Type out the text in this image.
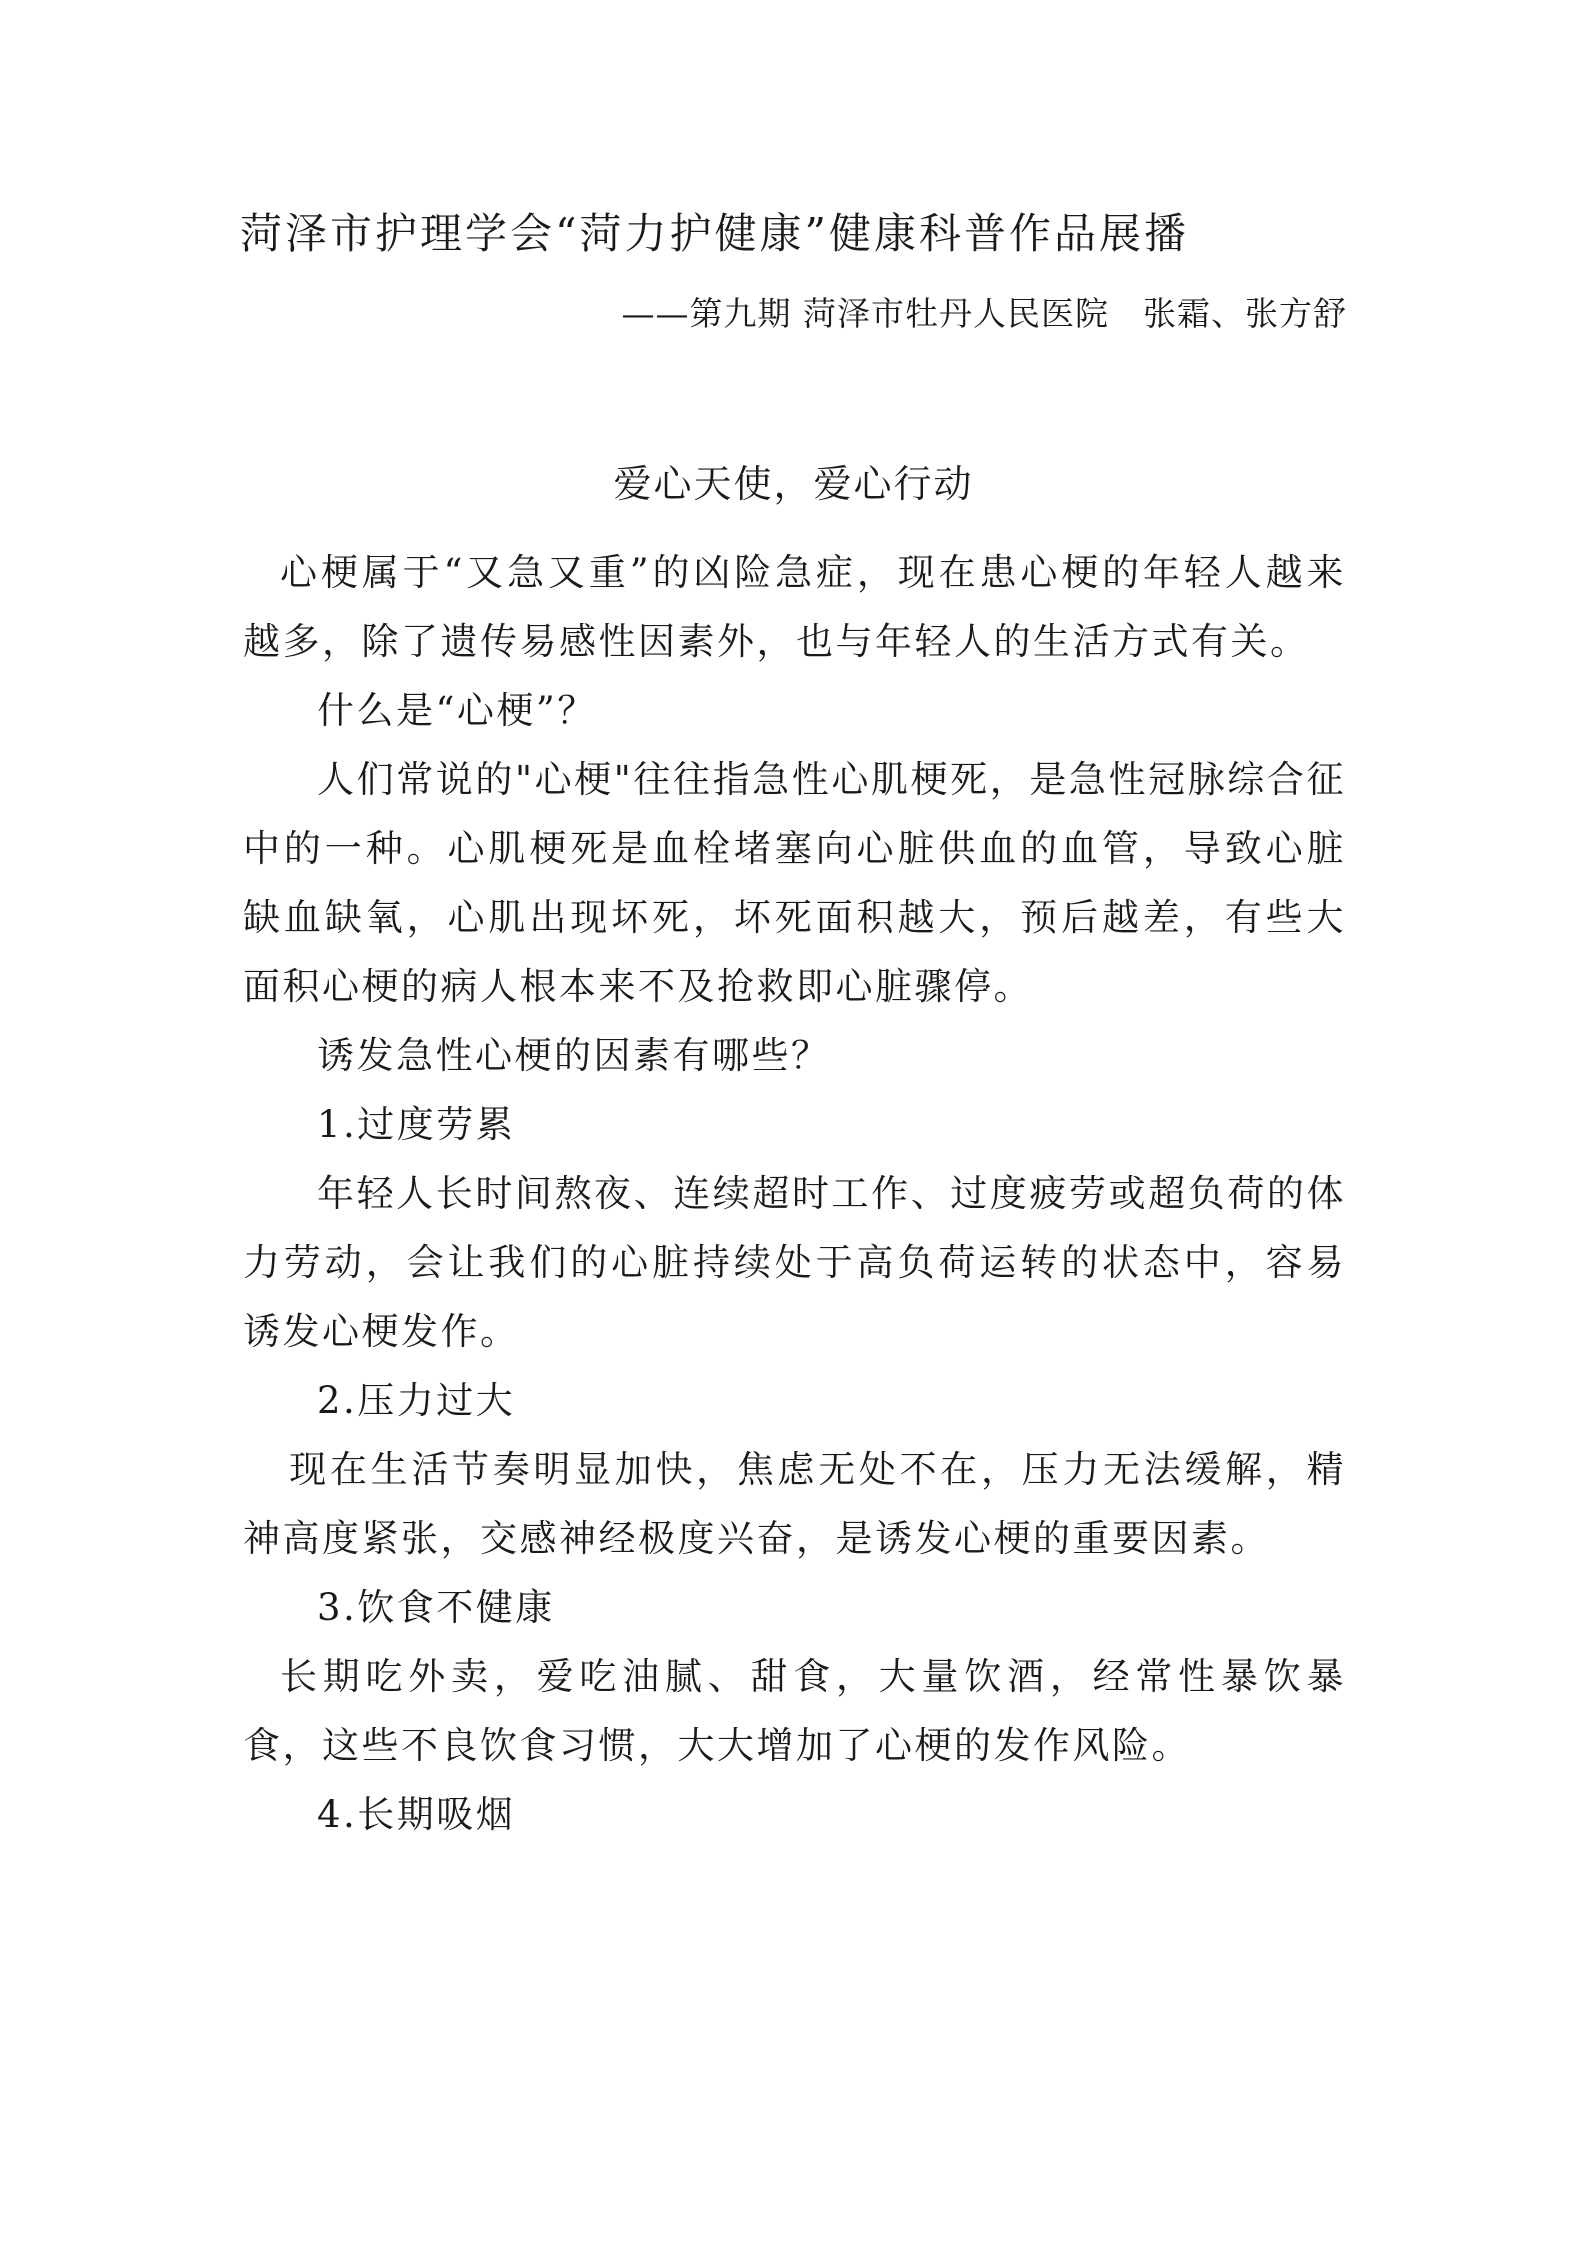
菏泽市护理学会“菏力护健康”健康科普作品展播
——第九期 菏泽市牡丹人民医院　张霜、张方舒
爱心天使，爱心行动

心梗属于“又急又重”的凶险急症，现在患心梗的年轻人越来越多，除了遗传易感性因素外，也与年轻人的生活方式有关。

什么是“心梗”？

人们常说的"心梗"往往指急性心肌梗死，是急性冠脉综合征中的一种。心肌梗死是血栓堵塞向心脏供血的血管，导致心脏缺血缺氧，心肌出现坏死，坏死面积越大，预后越差，有些大面积心梗的病人根本来不及抢救即心脏骤停。

诱发急性心梗的因素有哪些？

1.过度劳累

年轻人长时间熬夜、连续超时工作、过度疲劳或超负荷的体力劳动，会让我们的心脏持续处于高负荷运转的状态中，容易诱发心梗发作。

2.压力过大

现在生活节奏明显加快，焦虑无处不在，压力无法缓解，精神高度紧张，交感神经极度兴奋，是诱发心梗的重要因素。

3.饮食不健康

长期吃外卖，爱吃油腻、甜食，大量饮酒，经常性暴饮暴食，这些不良饮食习惯，大大增加了心梗的发作风险。

4.长期吸烟
